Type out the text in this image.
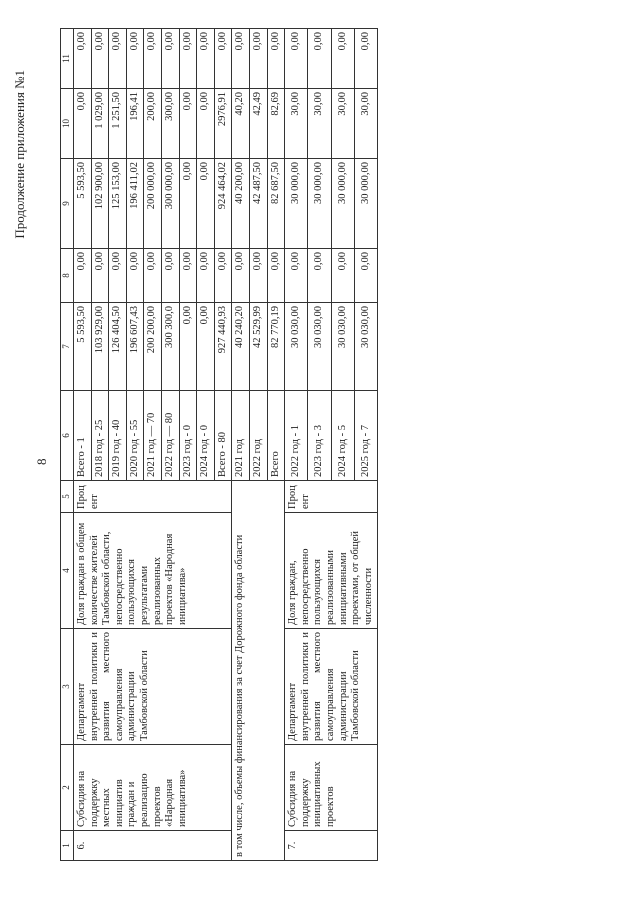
Продолжение приложения №1
8
1	2	3	4	5	6	7	8	9	10	11
6.	Субсидия на поддержку местных инициатив граждан и реализацию проектов «Народная инициатива»	Департамент внутренней политики и развития местного самоуправления администрации Тамбовской области	Доля граждан в общем количестве жителей Тамбовской области, непосредственно пользующихся результатами реализованных проектов «Народная инициатива»	Процент	Всего - 1	5 593,50	0,00	5 593,50	0,00	0,00
					2018 год - 25	103 929,00	0,00	102 900,00	1 029,00	0,00
					2019 год - 40	126 404,50	0,00	125 153,00	1 251,50	0,00
					2020 год - 55	196 607,43	0,00	196 411,02	196,41	0,00
					2021 год — 70	200 200,00	0,00	200 000,00	200,00	0,00
					2022 год — 80	300 300,0	0,00	300 000,00	300,00	0,00
					2023 год - 0	0,00	0,00	0,00	0,00	0,00
					2024 год - 0	0,00	0,00	0,00	0,00	0,00
					Всего - 80	927 440,93	0,00	924 464,02	2976,91	0,00
в том числе, объемы финансирования за счет Дорожного фонда области					2021 год	40 240,20	0,00	40 200,00	40,20	0,00
					2022 год	42 529,99	0,00	42 487,50	42,49	0,00
					Всего	82 770,19	0,00	82 687,50	82,69	0,00
7.	Субсидия на поддержку инициативных проектов	Департамент внутренней политики и развития местного самоуправления администрации Тамбовской области	Доля граждан, непосредственно пользующихся реализованными инициативными проектами, от общей численности	Процент	2022 год - 1	30 030,00	0,00	30 000,00	30,00	0,00
					2023 год - 3	30 030,00	0,00	30 000,00	30,00	0,00
					2024 год - 5	30 030,00	0,00	30 000,00	30,00	0,00
					2025 год - 7	30 030,00	0,00	30 000,00	30,00	0,00
